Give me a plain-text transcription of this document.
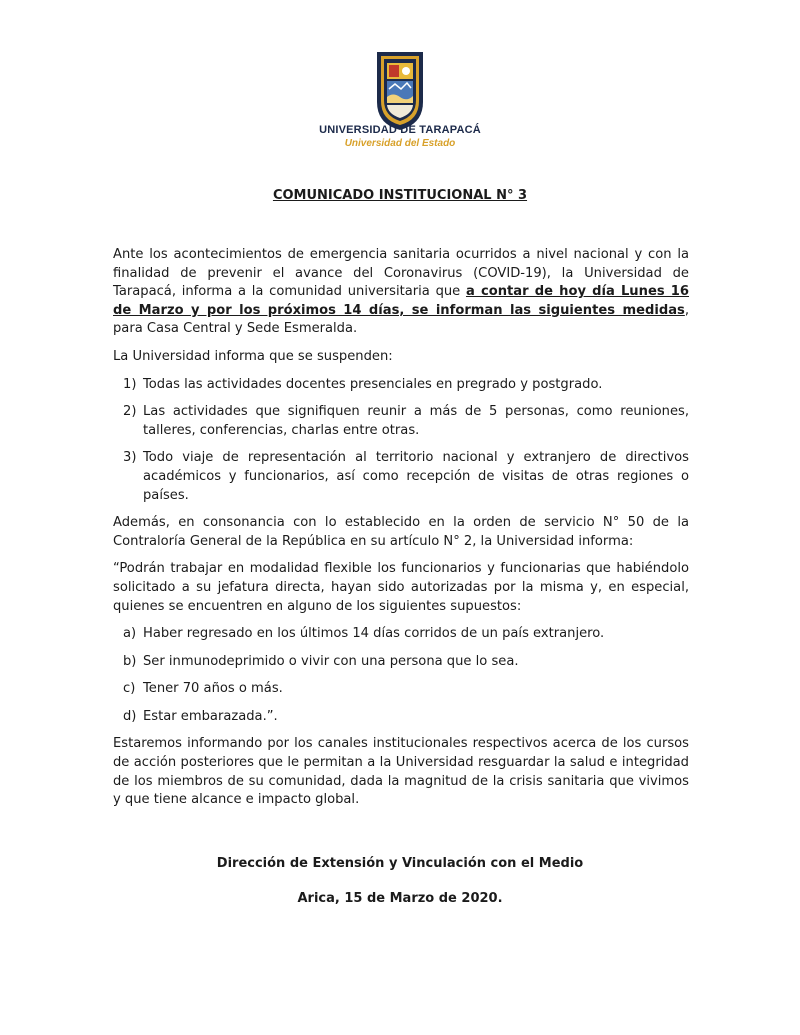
UNIVERSIDAD DE TARAPACÁ

Universidad del Estado

COMUNICADO INSTITUCIONAL N° 3

Ante los acontecimientos de emergencia sanitaria ocurridos a nivel nacional y con la finalidad de prevenir el avance del Coronavirus (COVID-19), la Universidad de Tarapacá, informa a la comunidad universitaria que a contar de hoy día Lunes 16 de Marzo y por los próximos 14 días, se informan las siguientes medidas, para Casa Central y Sede Esmeralda.

La Universidad informa que se suspenden:

1) Todas las actividades docentes presenciales en pregrado y postgrado.
2) Las actividades que signifiquen reunir a más de 5 personas, como reuniones, talleres, conferencias, charlas entre otras.
3) Todo viaje de representación al territorio nacional y extranjero de directivos académicos y funcionarios, así como recepción de visitas de otras regiones o países.

Además, en consonancia con lo establecido en la orden de servicio N° 50 de la Contraloría General de la República en su artículo N° 2, la Universidad informa:

“Podrán trabajar en modalidad flexible los funcionarios y funcionarias que habiéndolo solicitado a su jefatura directa, hayan sido autorizadas por la misma y, en especial, quienes se encuentren en alguno de los siguientes supuestos:

a) Haber regresado en los últimos 14 días corridos de un país extranjero.
b) Ser inmunodeprimido o vivir con una persona que lo sea.
c) Tener 70 años o más.
d) Estar embarazada.”.

Estaremos informando por los canales institucionales respectivos acerca de los cursos de acción posteriores que le permitan a la Universidad resguardar la salud e integridad de los miembros de su comunidad, dada la magnitud de la crisis sanitaria que vivimos y que tiene alcance e impacto global.

Dirección de Extensión y Vinculación con el Medio

Arica, 15 de Marzo de 2020.
